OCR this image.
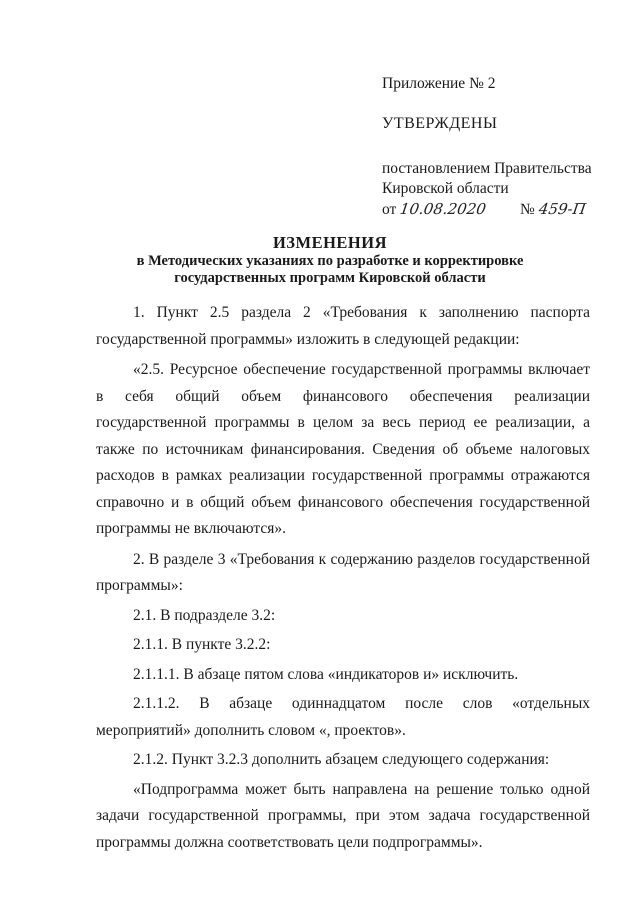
Приложение № 2

УТВЕРЖДЕНЫ

постановлением Правительства

Кировской области

от 10.08.2020 № 459-П

ИЗМЕНЕНИЯ
в Методических указаниях по разработке и корректировке
государственных программ Кировской области

1. Пункт 2.5 раздела 2 «Требования к заполнению паспорта государственной программы» изложить в следующей редакции:

«2.5. Ресурсное обеспечение государственной программы включает в себя общий объем финансового обеспечения реализации государственной программы в целом за весь период ее реализации, а также по источникам финансирования. Сведения об объеме налоговых расходов в рамках реализации государственной программы отражаются справочно и в общий объем финансового обеспечения государственной программы не включаются».

2. В разделе 3 «Требования к содержанию разделов государственной программы»:

2.1. В подразделе 3.2:

2.1.1. В пункте 3.2.2:

2.1.1.1. В абзаце пятом слова «индикаторов и» исключить.

2.1.1.2. В абзаце одиннадцатом после слов «отдельных мероприятий» дополнить словом «, проектов».

2.1.2. Пункт 3.2.3 дополнить абзацем следующего содержания:

«Подпрограмма может быть направлена на решение только одной задачи государственной программы, при этом задача государственной программы должна соответствовать цели подпрограммы».
